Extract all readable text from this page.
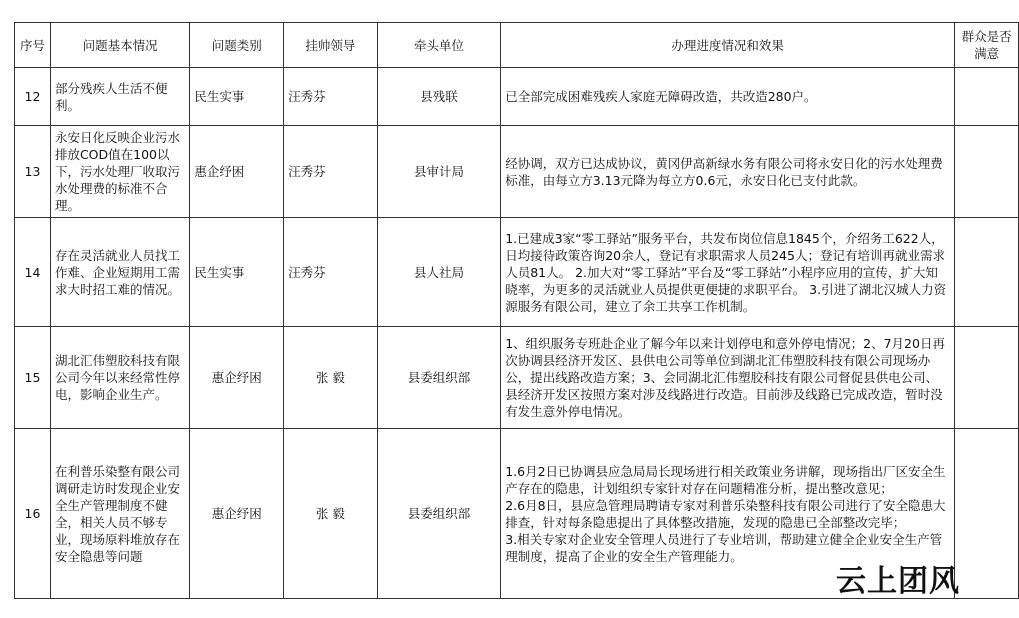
序号	问题基本情况	问题类别	挂帅领导	牵头单位	办理进度情况和效果	群众是否满意
12	部分残疾人生活不便利。	民生实事	汪秀芬	县残联	已全部完成困难残疾人家庭无障碍改造，共改造280户。	
13	永安日化反映企业污水排放COD值在100以下，污水处理厂收取污水处理费的标准不合理。	惠企纾困	汪秀芬	县审计局	经协调，双方已达成协议，黄冈伊高新绿水务有限公司将永安日化的污水处理费标准，由每立方3.13元降为每立方0.6元，永安日化已支付此款。	
14	存在灵活就业人员找工作难、企业短期用工需求大时招工难的情况。	民生实事	汪秀芬	县人社局	1.已建成3家“零工驿站”服务平台，共发布岗位信息1845个，介绍务工622人，日均接待政策咨询20余人，登记有求职需求人员245人；登记有培训再就业需求人员81人。 2.加大对“零工驿站”平台及“零工驿站”小程序应用的宣传，扩大知晓率，为更多的灵活就业人员提供更便捷的求职平台。 3.引进了湖北汉城人力资源服务有限公司，建立了余工共享工作机制。	
15	湖北汇伟塑胶科技有限公司今年以来经常性停电，影响企业生产。	惠企纾困	张 毅	县委组织部	1、组织服务专班赴企业了解今年以来计划停电和意外停电情况；2、7月20日再次协调县经济开发区、县供电公司等单位到湖北汇伟塑胶科技有限公司现场办公，提出线路改造方案；3、会同湖北汇伟塑胶科技有限公司督促县供电公司、县经济开发区按照方案对涉及线路进行改造。目前涉及线路已完成改造，暂时没有发生意外停电情况。	
16	在利普乐染整有限公司调研走访时发现企业安全生产管理制度不健全，相关人员不够专业，现场原料堆放存在安全隐患等问题	惠企纾困	张 毅	县委组织部	1.6月2日已协调县应急局局长现场进行相关政策业务讲解，现场指出厂区安全生产存在的隐患，计划组织专家针对存在问题精准分析，提出整改意见；
2.6月8日，县应急管理局聘请专家对利普乐染整科技有限公司进行了安全隐患大排查，针对每条隐患提出了具体整改措施，发现的隐患已全部整改完毕；
3.相关专家对企业安全管理人员进行了专业培训，帮助建立健全企业安全生产管理制度，提高了企业的安全生产管理能力。	
云上团风
